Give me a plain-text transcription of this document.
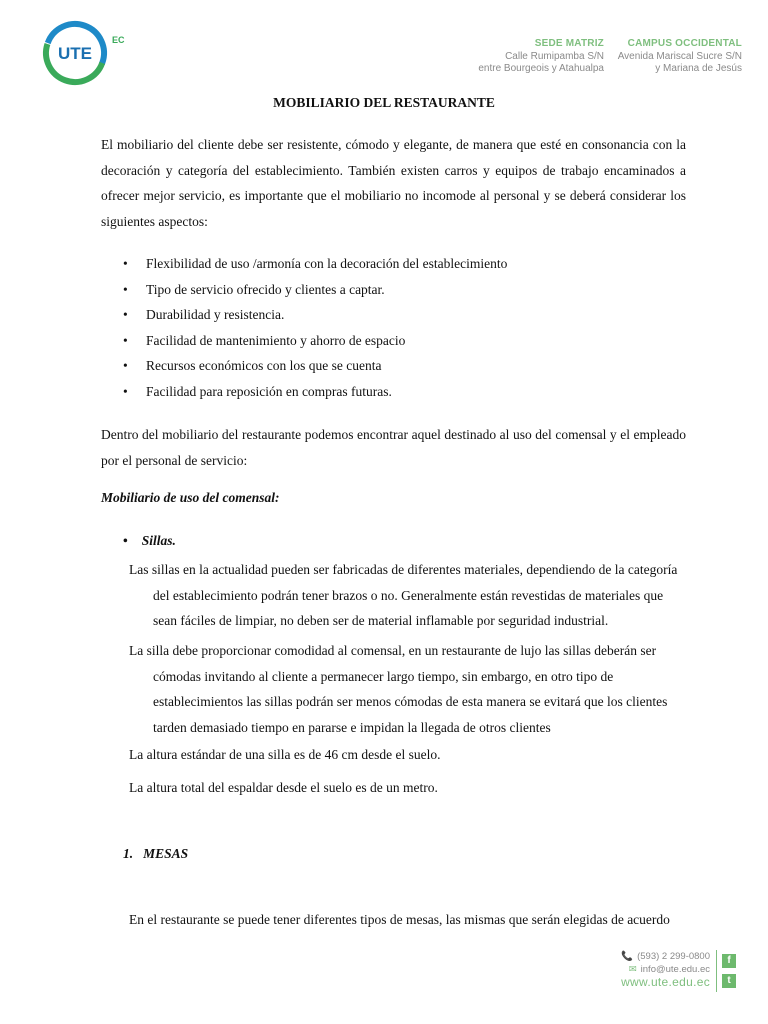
UTE
EC	SEDE MATRIZ
Calle Rumipamba S/N
entre Bourgeois y Atahualpa
CAMPUS OCCIDENTAL
Avenida Mariscal Sucre S/N
y Mariana de Jesús
MOBILIARIO DEL RESTAURANTE

El mobiliario del cliente debe ser resistente, cómodo y elegante, de manera que esté en consonancia con la decoración y categoría del establecimiento. También existen carros y equipos de trabajo encaminados a ofrecer mejor servicio, es importante que el mobiliario no incomode al personal y se deberá considerar los siguientes aspectos:

• Flexibilidad de uso /armonía con la decoración del establecimiento
• Tipo de servicio ofrecido y clientes a captar.
• Durabilidad y resistencia.
• Facilidad de mantenimiento y ahorro de espacio
• Recursos económicos con los que se cuenta
• Facilidad para reposición en compras futuras.

Dentro del mobiliario del restaurante podemos encontrar aquel destinado al uso del comensal y el empleado por el personal de servicio:

Mobiliario de uso del comensal:
• Sillas.

Las sillas en la actualidad pueden ser fabricadas de diferentes materiales, dependiendo de la categoría
del establecimiento podrán tener brazos o no. Generalmente están revestidas de materiales que
sean fáciles de limpiar, no deben ser de material inflamable por seguridad industrial.

La silla debe proporcionar comodidad al comensal, en un restaurante de lujo las sillas deberán ser
cómodas invitando al cliente a permanecer largo tiempo, sin embargo, en otro tipo de
establecimientos las sillas podrán ser menos cómodas de esta manera se evitará que los clientes
tarden demasiado tiempo en pararse e impidan la llegada de otros clientes

La altura estándar de una silla es de 46 cm desde el suelo.
La altura total del espaldar desde el suelo es de un metro.
1. MESAS
En el restaurante se puede tener diferentes tipos de mesas, las mismas que serán elegidas de acuerdo
📞 (593) 2 299-0800
✉ info@ute.edu.ec
www.ute.edu.ec
f
t
